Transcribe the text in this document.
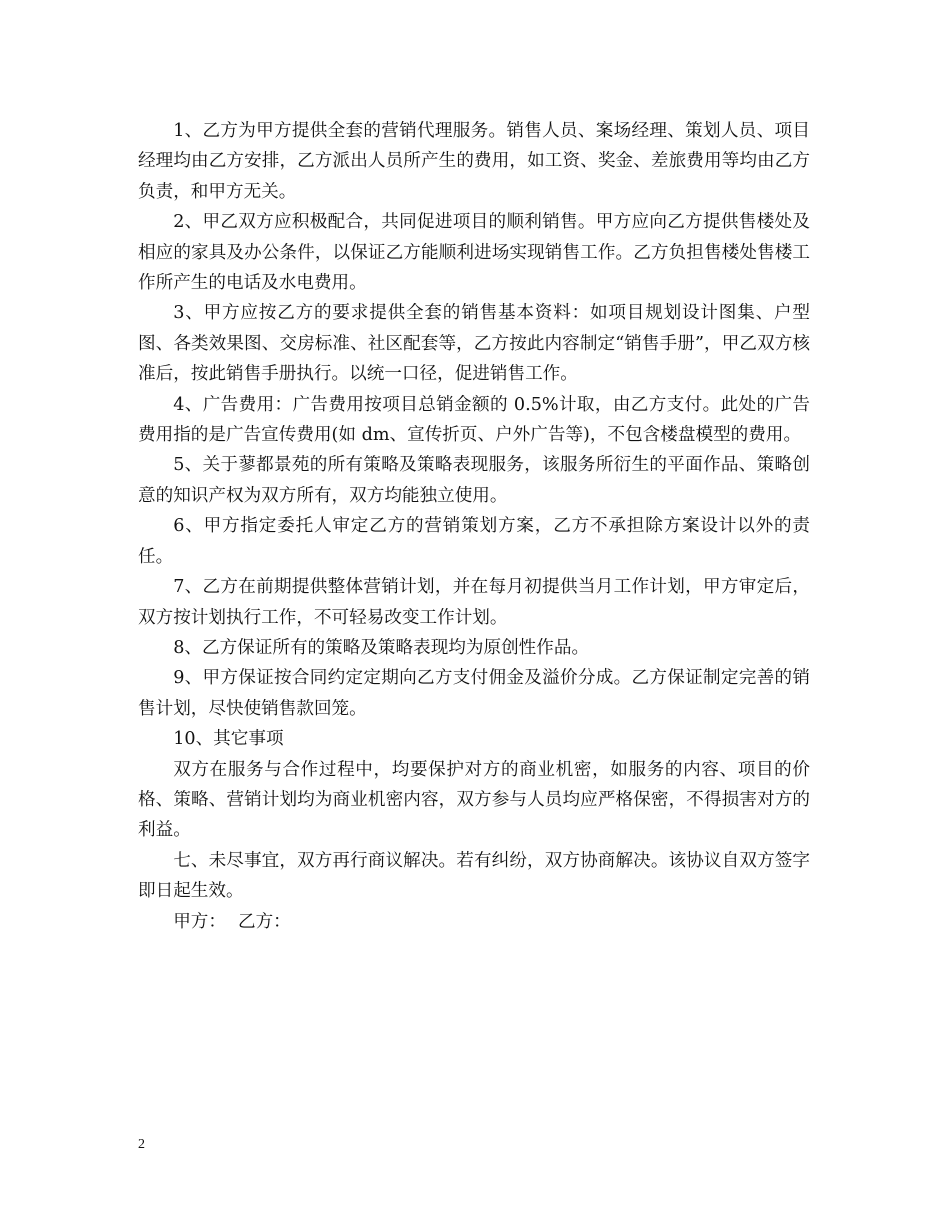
1、乙方为甲方提供全套的营销代理服务。销售人员、案场经理、策划人员、项目经理均由乙方安排，乙方派出人员所产生的费用，如工资、奖金、差旅费用等均由乙方负责，和甲方无关。

2、甲乙双方应积极配合，共同促进项目的顺利销售。甲方应向乙方提供售楼处及相应的家具及办公条件，以保证乙方能顺利进场实现销售工作。乙方负担售楼处售楼工作所产生的电话及水电费用。

3、甲方应按乙方的要求提供全套的销售基本资料：如项目规划设计图集、户型图、各类效果图、交房标准、社区配套等，乙方按此内容制定“销售手册”，甲乙双方核准后，按此销售手册执行。以统一口径，促进销售工作。

4、广告费用：广告费用按项目总销金额的 0.5%计取，由乙方支付。此处的广告费用指的是广告宣传费用(如 dm、宣传折页、户外广告等)，不包含楼盘模型的费用。

5、关于蓼都景苑的所有策略及策略表现服务，该服务所衍生的平面作品、策略创意的知识产权为双方所有，双方均能独立使用。

6、甲方指定委托人审定乙方的营销策划方案，乙方不承担除方案设计以外的责任。

7、乙方在前期提供整体营销计划，并在每月初提供当月工作计划，甲方审定后，双方按计划执行工作，不可轻易改变工作计划。

8、乙方保证所有的策略及策略表现均为原创性作品。

9、甲方保证按合同约定定期向乙方支付佣金及溢价分成。乙方保证制定完善的销售计划，尽快使销售款回笼。

10、其它事项

双方在服务与合作过程中，均要保护对方的商业机密，如服务的内容、项目的价格、策略、营销计划均为商业机密内容，双方参与人员均应严格保密，不得损害对方的利益。

七、未尽事宜，双方再行商议解决。若有纠纷，双方协商解决。该协议自双方签字即日起生效。

甲方： 乙方：

2
